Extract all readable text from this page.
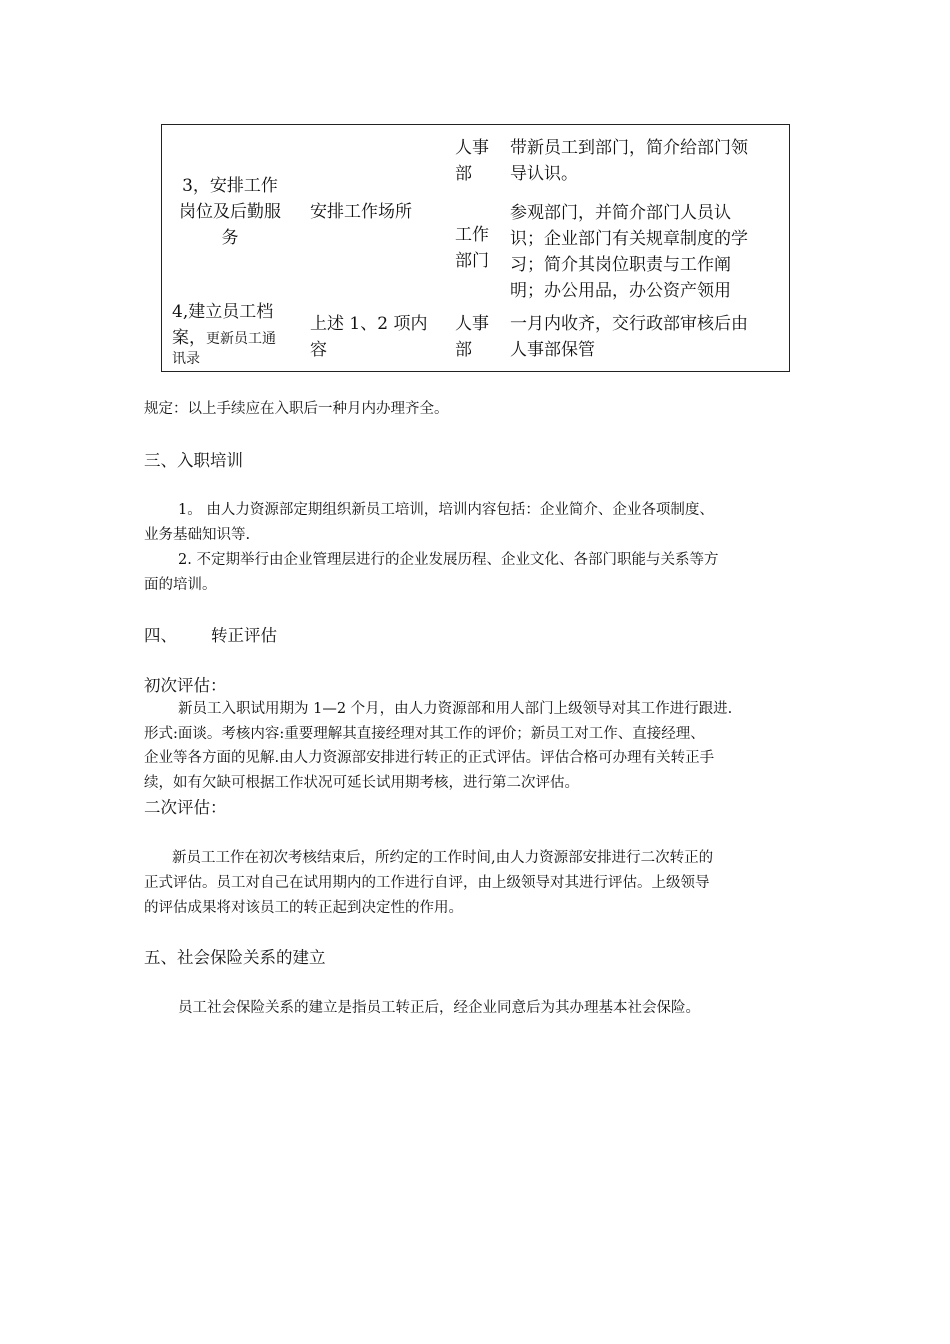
3，安排工作
岗位及后勤服
务
安排工作场所
人事
部
带新员工到部门，简介给部门领
导认识。
工作
部门
参观部门，并简介部门人员认
识；企业部门有关规章制度的学
习；简介其岗位职责与工作阐
明；办公用品，办公资产领用
4,建立员工档
案，更新员工通
讯录
上述 1、2 项内
容
人事
部
一月内收齐，交行政部审核后由
人事部保管
规定：以上手续应在入职后一种月内办理齐全。
三、入职培训
1。 由人力资源部定期组织新员工培训，培训内容包括：企业简介、企业各项制度、
业务基础知识等.
2. 不定期举行由企业管理层进行的企业发展历程、企业文化、各部门职能与关系等方
面的培训。
四、 转正评估
初次评估：
新员工入职试用期为 1—2 个月，由人力资源部和用人部门上级领导对其工作进行跟进.
形式:面谈。考核内容:重要理解其直接经理对其工作的评价；新员工对工作、直接经理、
企业等各方面的见解.由人力资源部安排进行转正的正式评估。评估合格可办理有关转正手
续，如有欠缺可根据工作状况可延长试用期考核，进行第二次评估。
二次评估：
新员工工作在初次考核结束后，所约定的工作时间,由人力资源部安排进行二次转正的
正式评估。员工对自己在试用期内的工作进行自评，由上级领导对其进行评估。上级领导
的评估成果将对该员工的转正起到决定性的作用。
五、社会保险关系的建立
员工社会保险关系的建立是指员工转正后，经企业同意后为其办理基本社会保险。
